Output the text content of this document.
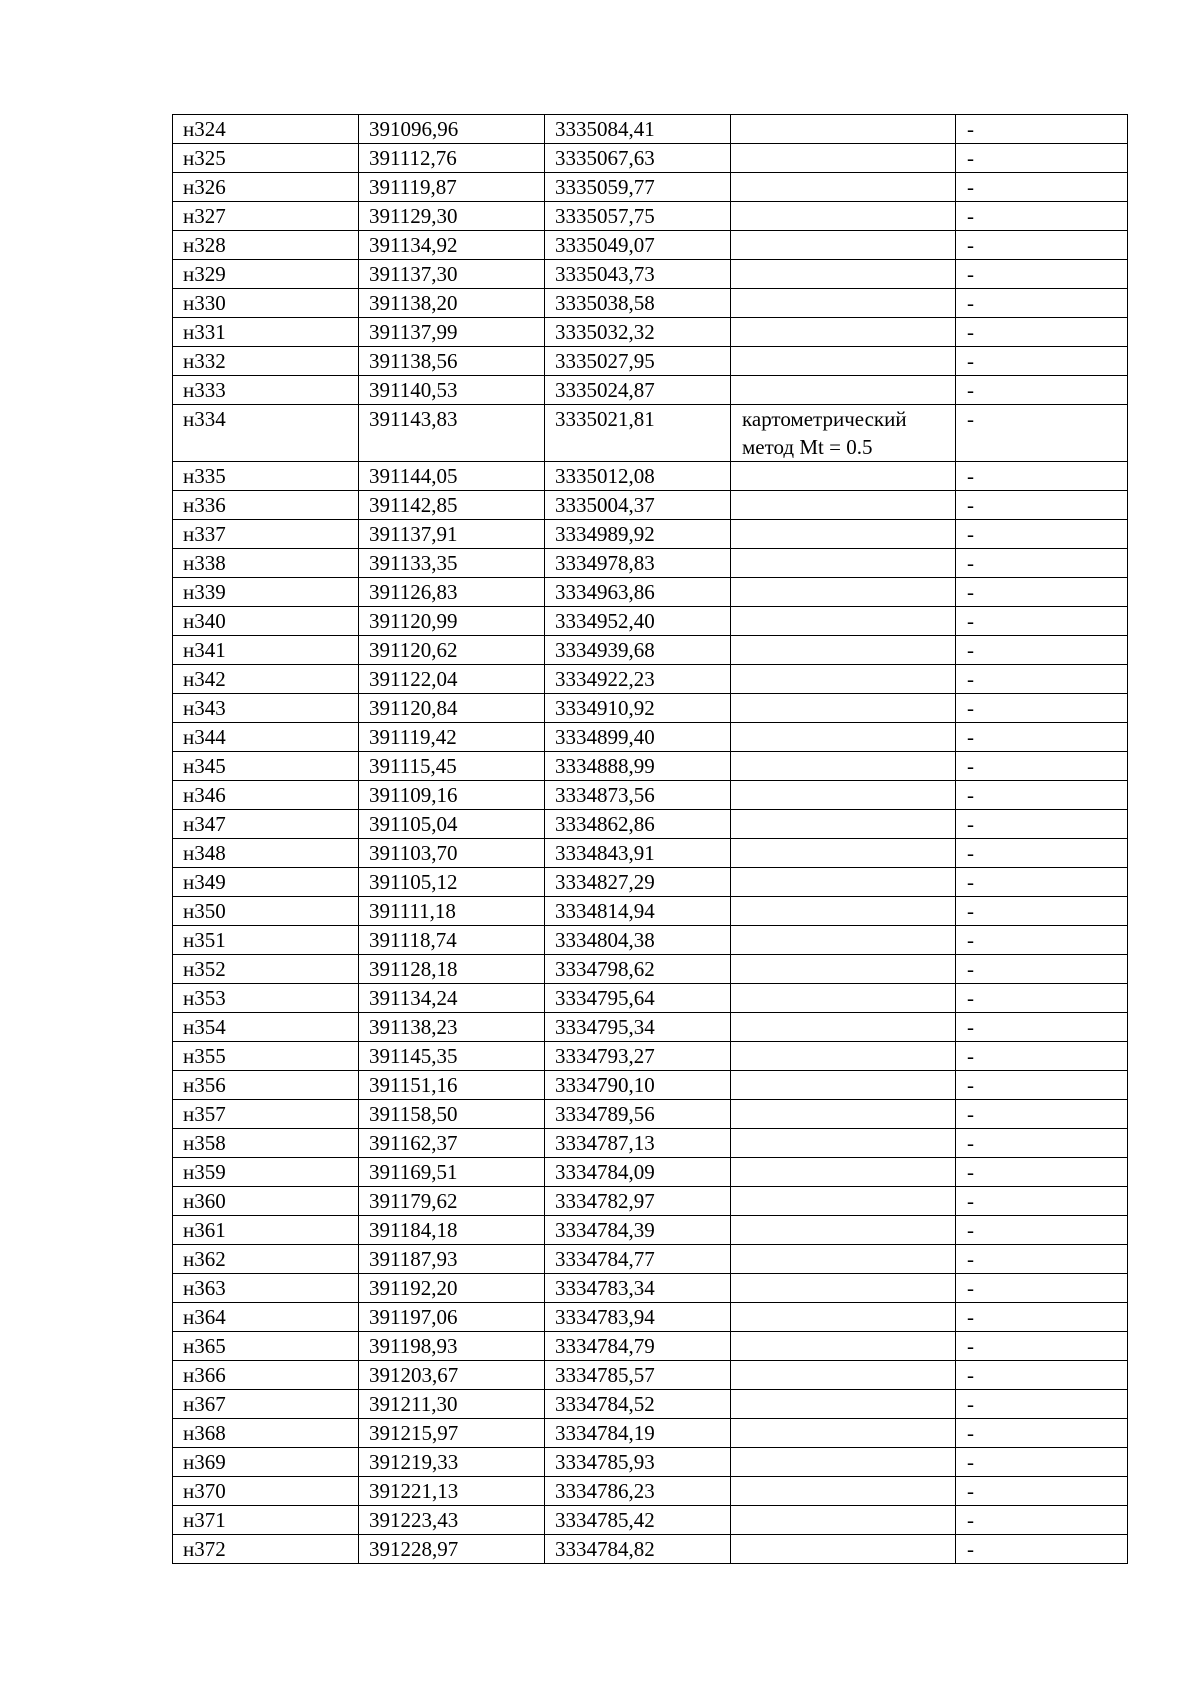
н324	391096,96	3335084,41		-
н325	391112,76	3335067,63		-
н326	391119,87	3335059,77		-
н327	391129,30	3335057,75		-
н328	391134,92	3335049,07		-
н329	391137,30	3335043,73		-
н330	391138,20	3335038,58		-
н331	391137,99	3335032,32		-
н332	391138,56	3335027,95		-
н333	391140,53	3335024,87		-
н334	391143,83	3335021,81	картометрический метод Mt = 0.5	-
н335	391144,05	3335012,08		-
н336	391142,85	3335004,37		-
н337	391137,91	3334989,92		-
н338	391133,35	3334978,83		-
н339	391126,83	3334963,86		-
н340	391120,99	3334952,40		-
н341	391120,62	3334939,68		-
н342	391122,04	3334922,23		-
н343	391120,84	3334910,92		-
н344	391119,42	3334899,40		-
н345	391115,45	3334888,99		-
н346	391109,16	3334873,56		-
н347	391105,04	3334862,86		-
н348	391103,70	3334843,91		-
н349	391105,12	3334827,29		-
н350	391111,18	3334814,94		-
н351	391118,74	3334804,38		-
н352	391128,18	3334798,62		-
н353	391134,24	3334795,64		-
н354	391138,23	3334795,34		-
н355	391145,35	3334793,27		-
н356	391151,16	3334790,10		-
н357	391158,50	3334789,56		-
н358	391162,37	3334787,13		-
н359	391169,51	3334784,09		-
н360	391179,62	3334782,97		-
н361	391184,18	3334784,39		-
н362	391187,93	3334784,77		-
н363	391192,20	3334783,34		-
н364	391197,06	3334783,94		-
н365	391198,93	3334784,79		-
н366	391203,67	3334785,57		-
н367	391211,30	3334784,52		-
н368	391215,97	3334784,19		-
н369	391219,33	3334785,93		-
н370	391221,13	3334786,23		-
н371	391223,43	3334785,42		-
н372	391228,97	3334784,82		-
